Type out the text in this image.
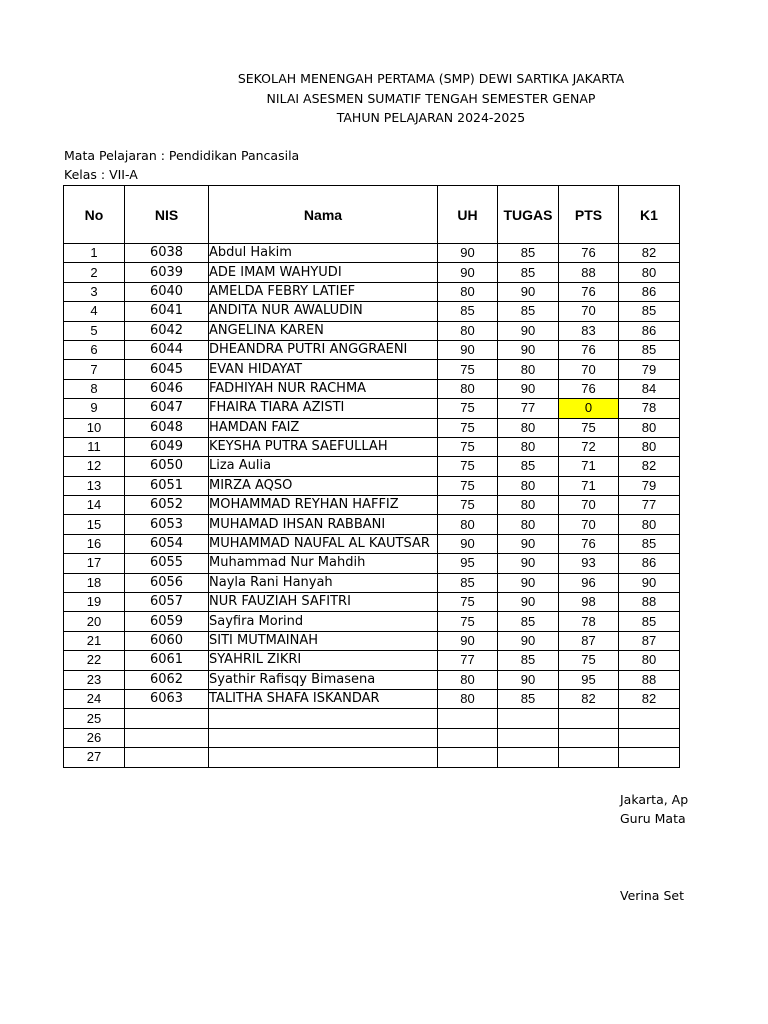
SEKOLAH MENENGAH PERTAMA (SMP) DEWI SARTIKA JAKARTA
NILAI ASESMEN SUMATIF TENGAH SEMESTER GENAP
TAHUN PELAJARAN 2024-2025
Mata Pelajaran : Pendidikan Pancasila
Kelas : VII-A
No	NIS	Nama	UH	TUGAS	PTS	K1
1	6038	Abdul Hakim	90	85	76	82
2	6039	ADE IMAM WAHYUDI	90	85	88	80
3	6040	AMELDA FEBRY LATIEF	80	90	76	86
4	6041	ANDITA NUR AWALUDIN	85	85	70	85
5	6042	ANGELINA KAREN	80	90	83	86
6	6044	DHEANDRA PUTRI ANGGRAENI	90	90	76	85
7	6045	EVAN HIDAYAT	75	80	70	79
8	6046	FADHIYAH NUR RACHMA	80	90	76	84
9	6047	FHAIRA TIARA AZISTI	75	77	0	78
10	6048	HAMDAN FAIZ	75	80	75	80
11	6049	KEYSHA PUTRA SAEFULLAH	75	80	72	80
12	6050	Liza Aulia	75	85	71	82
13	6051	MIRZA AQSO	75	80	71	79
14	6052	MOHAMMAD REYHAN HAFFIZ	75	80	70	77
15	6053	MUHAMAD IHSAN RABBANI	80	80	70	80
16	6054	MUHAMMAD NAUFAL AL KAUTSAR	90	90	76	85
17	6055	Muhammad Nur Mahdih	95	90	93	86
18	6056	Nayla Rani Hanyah	85	90	96	90
19	6057	NUR FAUZIAH SAFITRI	75	90	98	88
20	6059	Sayfira Morind	75	85	78	85
21	6060	SITI MUTMAINAH	90	90	87	87
22	6061	SYAHRIL ZIKRI	77	85	75	80
23	6062	Syathir Rafisqy Bimasena	80	90	95	88
24	6063	TALITHA SHAFA ISKANDAR	80	85	82	82
25						
26						
27						
Jakarta, Ap
Guru Mata
Verina Set
